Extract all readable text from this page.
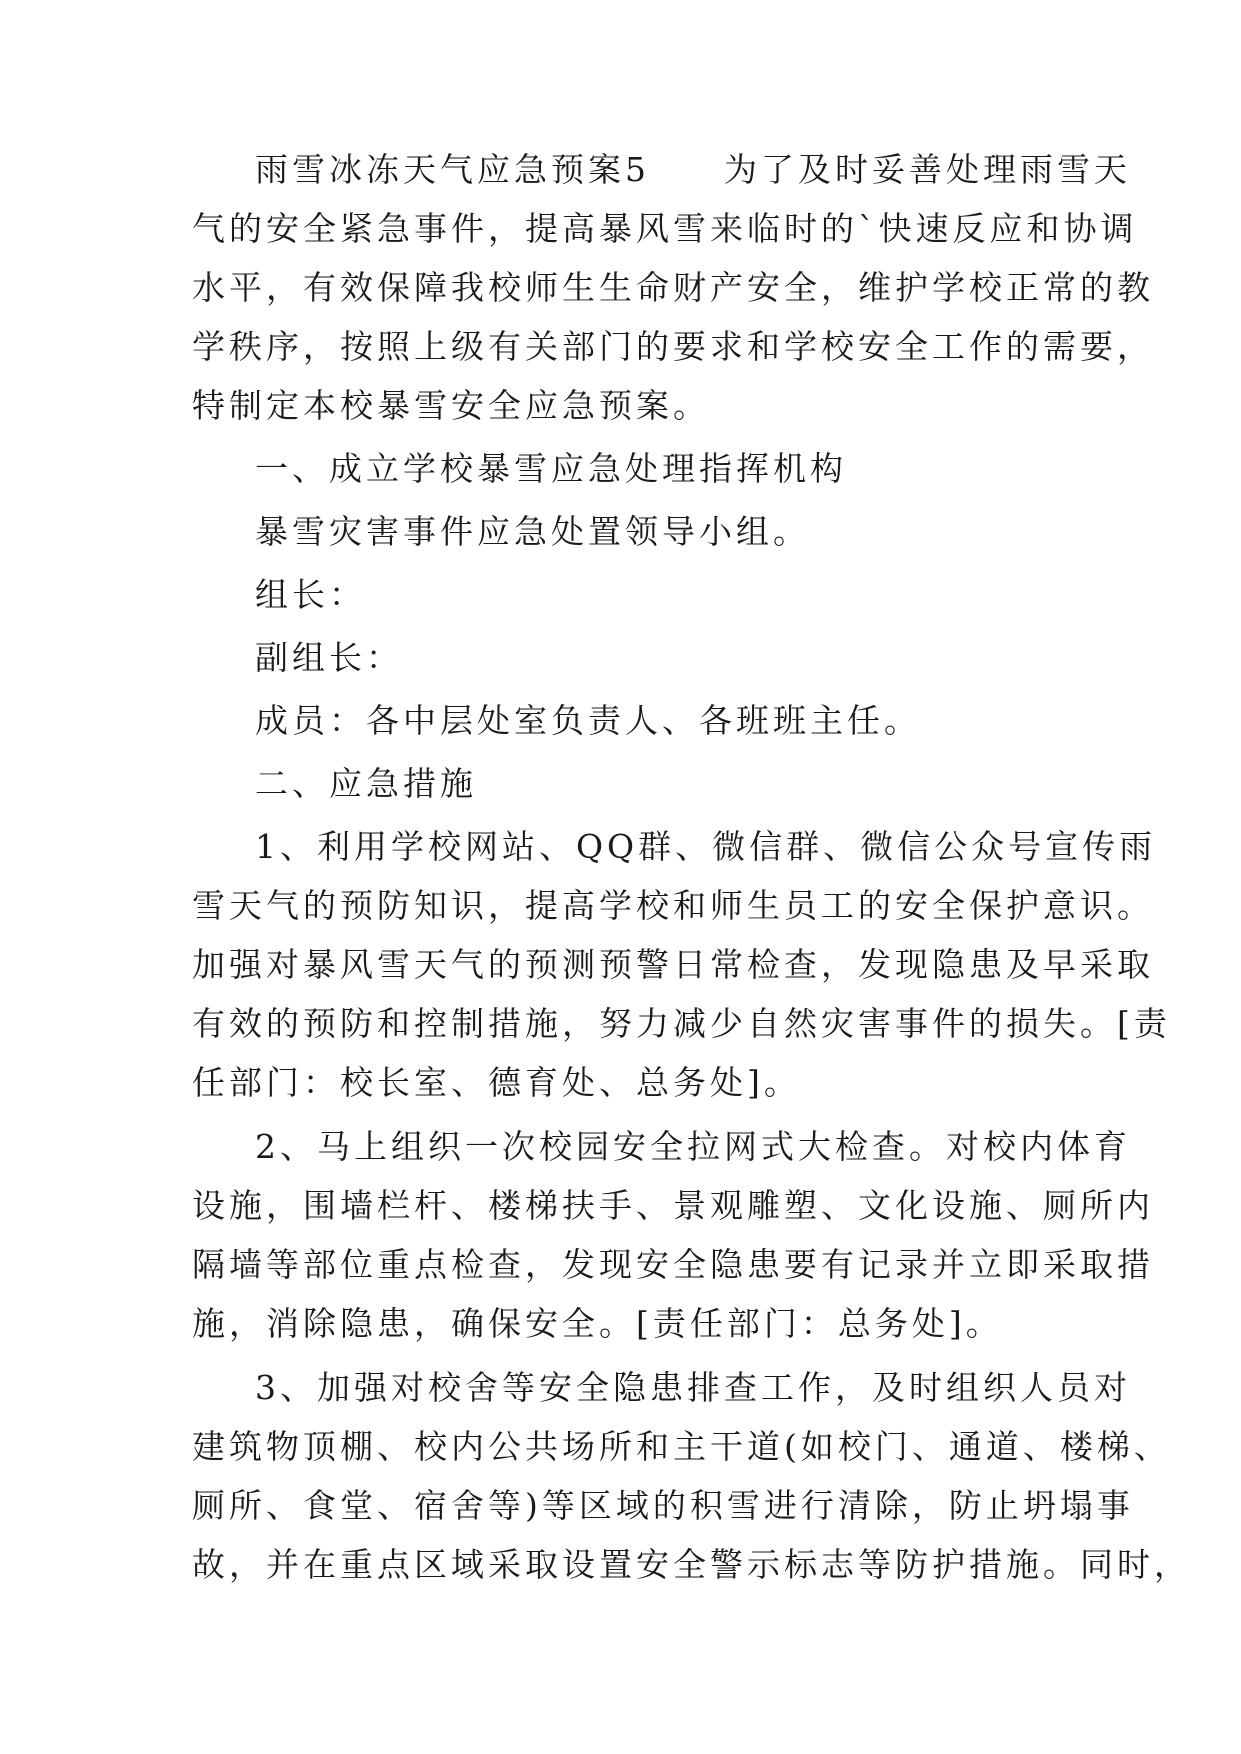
雨雪冰冻天气应急预案5　　为了及时妥善处理雨雪天

气的安全紧急事件，提高暴风雪来临时的`快速反应和协调

水平，有效保障我校师生生命财产安全，维护学校正常的教

学秩序，按照上级有关部门的要求和学校安全工作的需要，

特制定本校暴雪安全应急预案。

一、成立学校暴雪应急处理指挥机构

暴雪灾害事件应急处置领导小组。

组长：

副组长：

成员：各中层处室负责人、各班班主任。

二、应急措施

1、利用学校网站、QQ群、微信群、微信公众号宣传雨

雪天气的预防知识，提高学校和师生员工的安全保护意识。

加强对暴风雪天气的预测预警日常检查，发现隐患及早采取

有效的预防和控制措施，努力减少自然灾害事件的损失。[责

任部门：校长室、德育处、总务处]。

2、马上组织一次校园安全拉网式大检查。对校内体育

设施，围墙栏杆、楼梯扶手、景观雕塑、文化设施、厕所内

隔墙等部位重点检查，发现安全隐患要有记录并立即采取措

施，消除隐患，确保安全。[责任部门：总务处]。

3、加强对校舍等安全隐患排查工作，及时组织人员对

建筑物顶棚、校内公共场所和主干道(如校门、通道、楼梯、

厕所、食堂、宿舍等)等区域的积雪进行清除，防止坍塌事

故，并在重点区域采取设置安全警示标志等防护措施。同时，
